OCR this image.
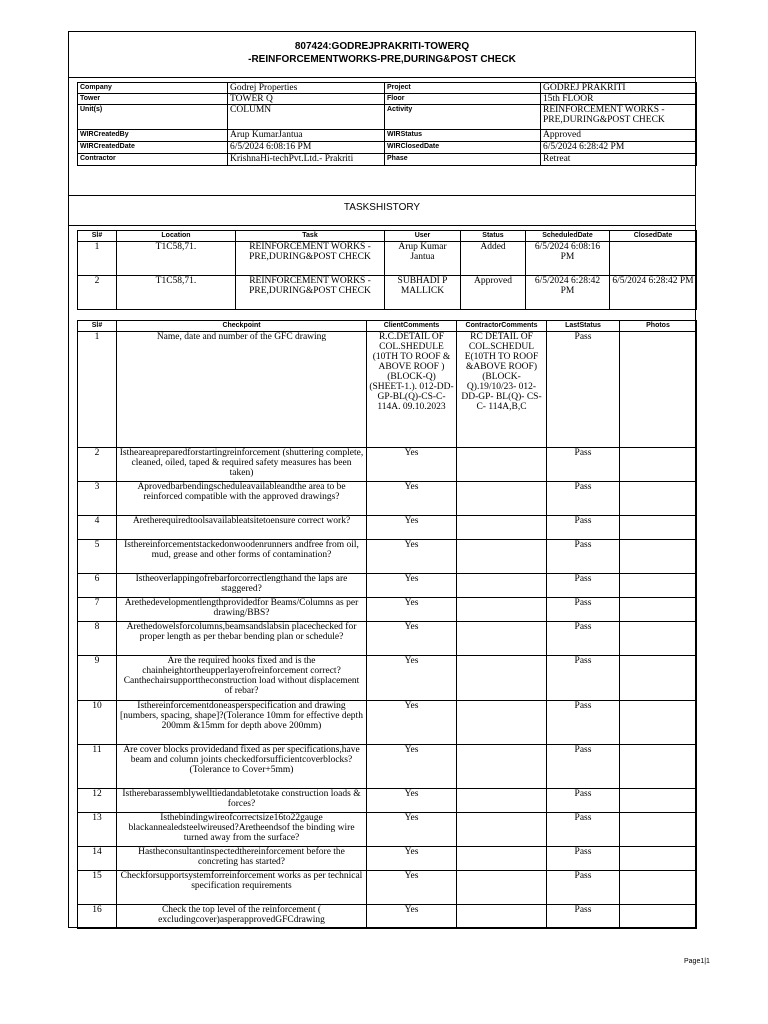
807424:GODREJPRAKRITI-TOWERQ
-REINFORCEMENTWORKS-PRE,DURING&POST CHECK
Company	Godrej Properties	Project	GODREJ PRAKRITI
Tower	TOWER Q	Floor	15th FLOOR
Unit(s)	COLUMN	Activity	REINFORCEMENT WORKS -PRE,DURING&POST CHECK
WIRCreatedBy	Arup KumarJantua	WIRStatus	Approved
WIRCreatedDate	6/5/2024 6:08:16 PM	WIRClosedDate	6/5/2024 6:28:42 PM
Contractor	KrishnaHi-techPvt.Ltd.- Prakriti	Phase	Retreat
TASKSHISTORY
Sl#	Location	Task	User	Status	ScheduledDate	ClosedDate
1	T1C58,71.	REINFORCEMENT WORKS -PRE,DURING&POST CHECK	Arup Kumar Jantua	Added	6/5/2024 6:08:16 PM	
2	T1C58,71.	REINFORCEMENT WORKS -PRE,DURING&POST CHECK	SUBHADI P MALLICK	Approved	6/5/2024 6:28:42 PM	6/5/2024 6:28:42 PM
Sl#	Checkpoint	ClientComments	ContractorComments	LastStatus	Photos
1	Name, date and number of the GFC drawing	R.C.DETAIL OF COL.SHEDULE (10TH TO ROOF & ABOVE ROOF )(BLOCK-Q) (SHEET-1.). 012-DD-GP-BL(Q)-CS-C-114A. 09.10.2023	RC DETAIL OF COL.SCHEDUL E(10TH TO ROOF &ABOVE ROOF)(BLOCK-Q).19/10/23- 012-DD-GP- BL(Q)- CS-C- 114A,B,C	Pass	
2	Istheareapreparedforstartingreinforcement (shuttering complete, cleaned, oiled, taped & required safety measures has been taken)	Yes		Pass	
3	Aprovedbarbendingscheduleavailableandthe area to be reinforced compatible with the approved drawings?	Yes		Pass	
4	Aretherequiredtoolsavailableatsitetoensure correct work?	Yes		Pass	
5	Isthereinforcementstackedonwoodenrunners andfree from oil, mud, grease and other forms of contamination?	Yes		Pass	
6	Istheoverlappingofrebarforcorrectlengthand the laps are staggered?	Yes		Pass	
7	Arethedevelopmentlengthprovidedfor Beams/Columns as per drawing/BBS?	Yes		Pass	
8	Arethedowelsforcolumns,beamsandslabsin placechecked for proper length as per thebar bending plan or schedule?	Yes		Pass	
9	Are the required hooks fixed and is the chainheightortheupperlayerofreinforcement correct?Canthechairsupporttheconstruction load without displacement of rebar?	Yes		Pass	
10	Isthereinforcementdoneasperspecification and drawing [numbers, spacing, shape]?(Tolerance 10mm for effective depth 200mm &15mm for depth above 200mm)	Yes		Pass	
11	Are cover blocks providedand fixed as per specifications,have beam and column joints checkedforsufficientcoverblocks?(Tolerance to Cover+5mm)	Yes		Pass	
12	Istherebarassemblywelltiedandabletotake construction loads & forces?	Yes		Pass	
13	Isthebindingwireofcorrectsize16to22gauge blackannealedsteelwireused?Aretheendsof the binding wire turned away from the surface?	Yes		Pass	
14	Hastheconsultantinspectedthereinforcement before the concreting has started?	Yes		Pass	
15	Checkforsupportsystemforreinforcement works as per technical specification requirements	Yes		Pass	
16	Check the top level of the reinforcement ( excludingcover)asperapprovedGFCdrawing	Yes		Pass	
Page1|1
